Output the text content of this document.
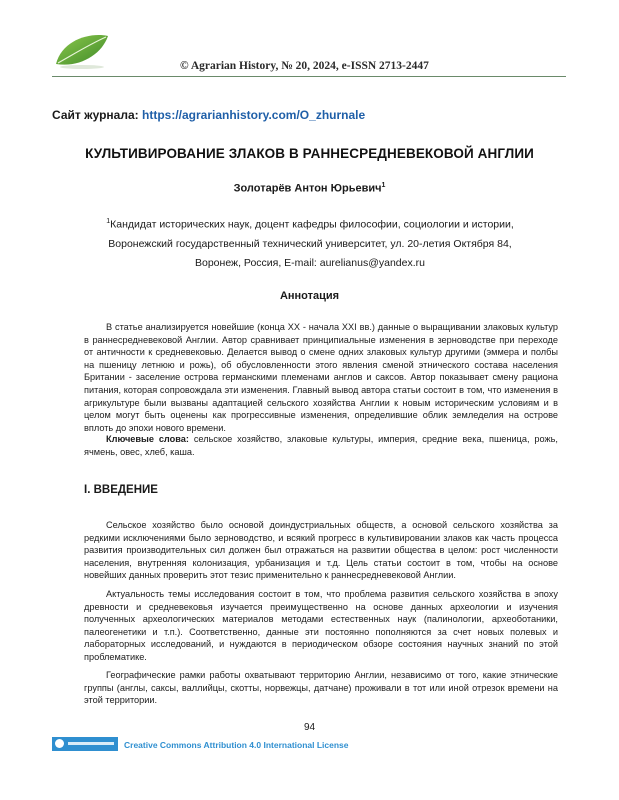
© Agrarian History, № 20, 2024, e-ISSN 2713-2447
Сайт журнала: https://agrarianhistory.com/O_zhurnale
КУЛЬТИВИРОВАНИЕ ЗЛАКОВ В РАННЕСРЕДНЕВЕКОВОЙ АНГЛИИ
Золотарёв Антон Юрьевич$^1$
$^1$Кандидат исторических наук, доцент кафедры философии, социологии и истории,
Воронежский государственный технический университет, ул. 20-летия Октября 84,
Воронеж, Россия, E-mail: aurelianus@yandex.ru
Аннотация

В статье анализируется новейшие (конца XX - начала XXI вв.) данные о выращивании злаковых культур в раннесредневековой Англии. Автор сравнивает принципиальные изменения в зерноводстве при переходе от античности к средневековью. Делается вывод о смене одних злаковых культур другими (эммера и полбы на пшеницу летнюю и рожь), об обусловленности этого явления сменой этнического состава населения Британии - заселение острова германскими племенами англов и саксов. Автор показывает смену рациона питания, которая сопровождала эти изменения. Главный вывод автора статьи состоит в том, что изменения в агрикультуре были вызваны адаптацией сельского хозяйства Англии к новым историческим условиям и в целом могут быть оценены как прогрессивные изменения, определившие облик земледелия на острове вплоть до эпохи нового времени.

Ключевые слова: сельское хозяйство, злаковые культуры, империя, средние века, пшеница, рожь, ячмень, овес, хлеб, каша.

I. ВВЕДЕНИЕ

Сельское хозяйство было основой доиндустриальных обществ, а основой сельского хозяйства за редкими исключениями было зерноводство, и всякий прогресс в культивировании злаков как часть процесса развития производительных сил должен был отражаться на развитии общества в целом: рост численности населения, внутренняя колонизация, урбанизация и т.д. Цель статьи состоит в том, чтобы на основе новейших данных проверить этот тезис применительно к раннесредневековой Англии.

Актуальность темы исследования состоит в том, что проблема развития сельского хозяйства в эпоху древности и средневековья изучается преимущественно на основе данных археологии и изучения полученных археологических материалов методами естественных наук (палинологии, археоботаники, палеогенетики и т.п.). Соответственно, данные эти постоянно пополняются за счет новых полевых и лабораторных исследований, и нуждаются в периодическом обзоре состояния научных знаний по этой проблематике.

Географические рамки работы охватывают территорию Англии, независимо от того, какие этнические группы (англы, саксы, валлийцы, скотты, норвежцы, датчане) проживали в тот или иной отрезок времени на этой территории.

94
Creative Commons Attribution 4.0 International License
